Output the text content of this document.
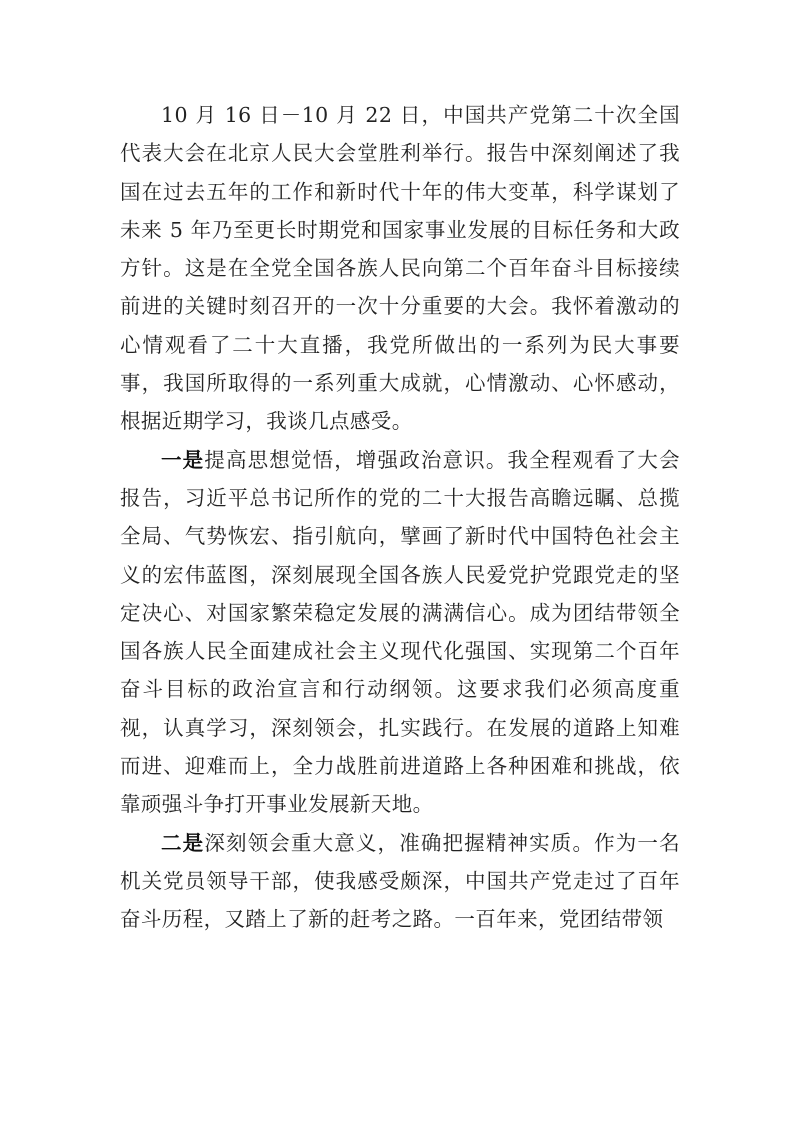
10 月 16 日－10 月 22 日，中国共产党第二十次全国代表大会在北京人民大会堂胜利举行。报告中深刻阐述了我国在过去五年的工作和新时代十年的伟大变革，科学谋划了未来 5 年乃至更长时期党和国家事业发展的目标任务和大政方针。这是在全党全国各族人民向第二个百年奋斗目标接续前进的关键时刻召开的一次十分重要的大会。我怀着激动的心情观看了二十大直播，我党所做出的一系列为民大事要事，我国所取得的一系列重大成就，心情激动、心怀感动，根据近期学习，我谈几点感受。

一是提高思想觉悟，增强政治意识。我全程观看了大会报告，习近平总书记所作的党的二十大报告高瞻远瞩、总揽全局、气势恢宏、指引航向，擘画了新时代中国特色社会主义的宏伟蓝图，深刻展现全国各族人民爱党护党跟党走的坚定决心、对国家繁荣稳定发展的满满信心。成为团结带领全国各族人民全面建成社会主义现代化强国、实现第二个百年奋斗目标的政治宣言和行动纲领。这要求我们必须高度重视，认真学习，深刻领会，扎实践行。在发展的道路上知难而进、迎难而上，全力战胜前进道路上各种困难和挑战，依靠顽强斗争打开事业发展新天地。

二是深刻领会重大意义，准确把握精神实质。作为一名机关党员领导干部，使我感受颇深，中国共产党走过了百年奋斗历程，又踏上了新的赶考之路。一百年来，党团结带领
